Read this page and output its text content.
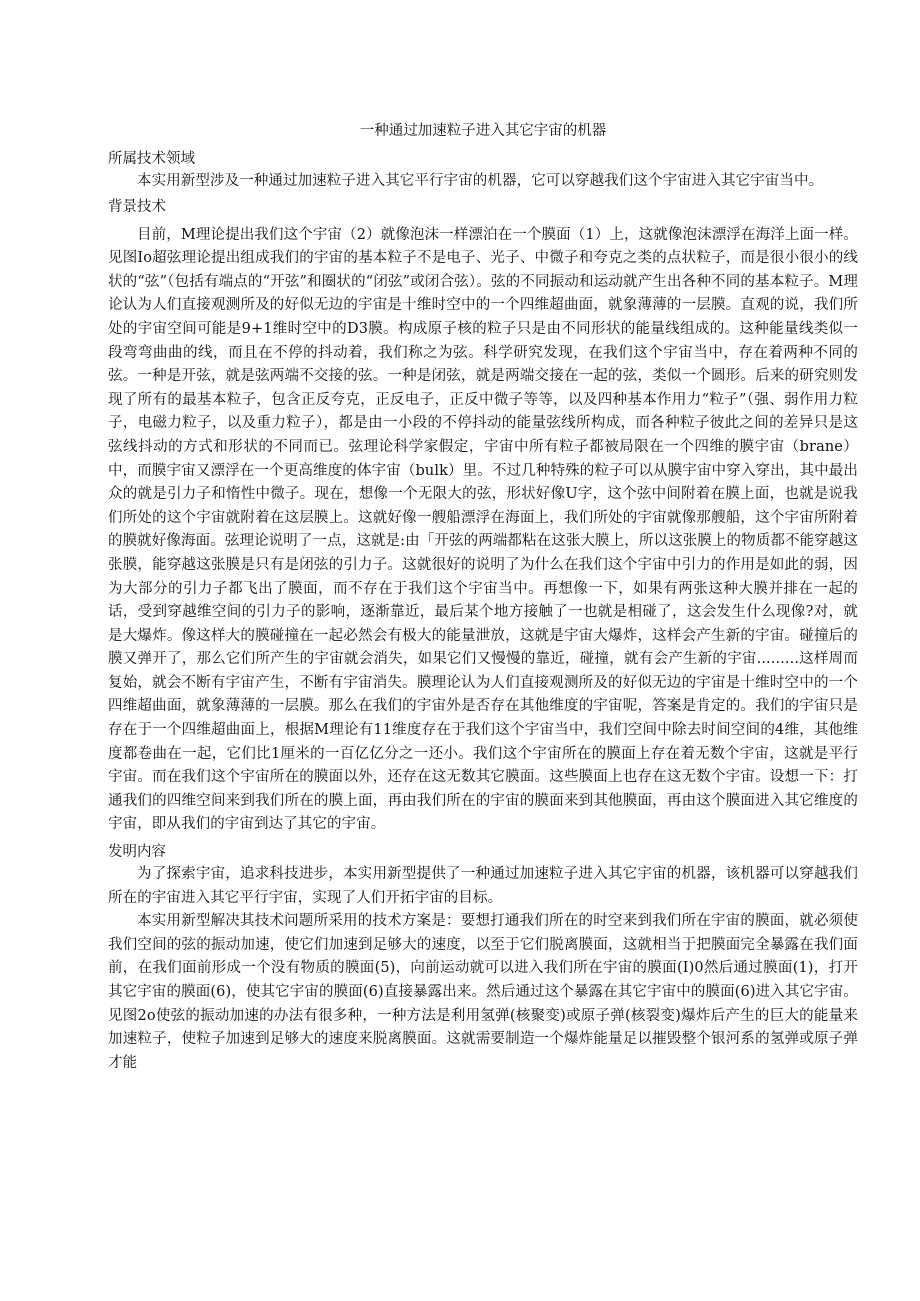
一种通过加速粒子进入其它宇宙的机器
所属技术领域

本实用新型涉及一种通过加速粒子进入其它平行宇宙的机器，它可以穿越我们这个宇宙进入其它宇宙当中。

背景技术

目前，M理论提出我们这个宇宙（2）就像泡沫一样漂泊在一个膜面（1）上，这就像泡沫漂浮在海洋上面一样。见图Io超弦理论提出组成我们的宇宙的基本粒子不是电子、光子、中微子和夸克之类的点状粒子，而是很小很小的线状的“弦”（包括有端点的“开弦”和圈状的“闭弦”或闭合弦）。弦的不同振动和运动就产生出各种不同的基本粒子。M理论认为人们直接观测所及的好似无边的宇宙是十维时空中的一个四维超曲面，就象薄薄的一层膜。直观的说，我们所处的宇宙空间可能是9+1维时空中的D3膜。构成原子核的粒子只是由不同形状的能量线组成的。这种能量线类似一段弯弯曲曲的线，而且在不停的抖动着，我们称之为弦。科学研究发现，在我们这个宇宙当中，存在着两种不同的弦。一种是开弦，就是弦两端不交接的弦。一种是闭弦，就是两端交接在一起的弦，类似一个圆形。后来的研究则发现了所有的最基本粒子，包含正反夸克，正反电子，正反中微子等等，以及四种基本作用力“粒子”（强、弱作用力粒子，电磁力粒子，以及重力粒子），都是由一小段的不停抖动的能量弦线所构成，而各种粒子彼此之间的差异只是这弦线抖动的方式和形状的不同而已。弦理论科学家假定，宇宙中所有粒子都被局限在一个四维的膜宇宙（brane）中，而膜宇宙又漂浮在一个更高维度的体宇宙（bulk）里。不过几种特殊的粒子可以从膜宇宙中穿入穿出，其中最出众的就是引力子和惰性中微子。现在，想像一个无限大的弦，形状好像U字，这个弦中间附着在膜上面，也就是说我们所处的这个宇宙就附着在这层膜上。这就好像一艘船漂浮在海面上，我们所处的宇宙就像那艘船，这个宇宙所附着的膜就好像海面。弦理论说明了一点，这就是:由「开弦的两端都粘在这张大膜上，所以这张膜上的物质都不能穿越这张膜，能穿越这张膜是只有是闭弦的引力子。这就很好的说明了为什么在我们这个宇宙中引力的作用是如此的弱，因为大部分的引力子都飞出了膜面，而不存在于我们这个宇宙当中。再想像一下，如果有两张这种大膜并排在一起的话，受到穿越维空间的引力子的影响，逐渐靠近，最后某个地方接触了一也就是相碰了，这会发生什么现像?对，就是大爆炸。像这样大的膜碰撞在一起必然会有极大的能量泄放，这就是宇宙大爆炸，这样会产生新的宇宙。碰撞后的膜又弹开了，那么它们所产生的宇宙就会消失，如果它们又慢慢的靠近，碰撞，就有会产生新的宇宙.........这样周而复始，就会不断有宇宙产生，不断有宇宙消失。膜理论认为人们直接观测所及的好似无边的宇宙是十维时空中的一个四维超曲面，就象薄薄的一层膜。那么在我们的宇宙外是否存在其他维度的宇宙呢，答案是肯定的。我们的宇宙只是存在于一个四维超曲面上，根据M理论有11维度存在于我们这个宇宙当中，我们空间中除去时间空间的4维，其他维度都卷曲在一起，它们比1厘米的一百亿亿分之一还小。我们这个宇宙所在的膜面上存在着无数个宇宙，这就是平行宇宙。而在我们这个宇宙所在的膜面以外，还存在这无数其它膜面。这些膜面上也存在这无数个宇宙。设想一下：打通我们的四维空间来到我们所在的膜上面，再由我们所在的宇宙的膜面来到其他膜面，再由这个膜面进入其它维度的宇宙，即从我们的宇宙到达了其它的宇宙。

发明内容

为了探索宇宙，追求科技进步，本实用新型提供了一种通过加速粒子进入其它宇宙的机器，该机器可以穿越我们所在的宇宙进入其它平行宇宙，实现了人们开拓宇宙的目标。

本实用新型解决其技术问题所采用的技术方案是：要想打通我们所在的时空来到我们所在宇宙的膜面，就必须使我们空间的弦的振动加速，使它们加速到足够大的速度，以至于它们脱离膜面，这就相当于把膜面完全暴露在我们面前，在我们面前形成一个没有物质的膜面(5)，向前运动就可以进入我们所在宇宙的膜面(I)0然后通过膜面(1)，打开其它宇宙的膜面(6)，使其它宇宙的膜面(6)直接暴露出来。然后通过这个暴露在其它宇宙中的膜面(6)进入其它宇宙。见图2o使弦的振动加速的办法有很多种，一种方法是利用氢弹(核聚变)或原子弹(核裂变)爆炸后产生的巨大的能量来加速粒子，使粒子加速到足够大的速度来脱离膜面。这就需要制造一个爆炸能量足以摧毁整个银河系的氢弹或原子弹才能
